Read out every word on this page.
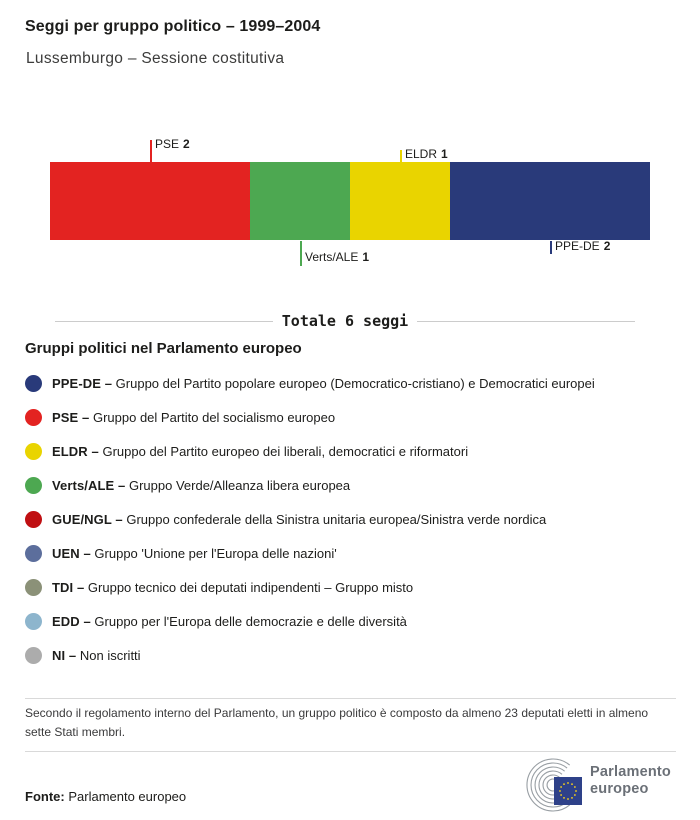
Seggi per gruppo politico – 1999–2004
Lussemburgo – Sessione costitutiva
PSE 2
Verts/ALE 1
ELDR 1
PPE-DE 2
Totale 6 seggi
Gruppi politici nel Parlamento europeo
PPE-DE – Gruppo del Partito popolare europeo (Democratico-cristiano) e Democratici europei
PSE – Gruppo del Partito del socialismo europeo
ELDR – Gruppo del Partito europeo dei liberali, democratici e riformatori
Verts/ALE – Gruppo Verde/Alleanza libera europea
GUE/NGL – Gruppo confederale della Sinistra unitaria europea/Sinistra verde nordica
UEN – Gruppo 'Unione per l'Europa delle nazioni'
TDI – Gruppo tecnico dei deputati indipendenti – Gruppo misto
EDD – Gruppo per l'Europa delle democrazie e delle diversità
NI – Non iscritti

Secondo il regolamento interno del Parlamento, un gruppo politico è composto da almeno 23 deputati eletti in almeno sette Stati membri.

Fonte: Parlamento europeo
Parlamento
europeo
